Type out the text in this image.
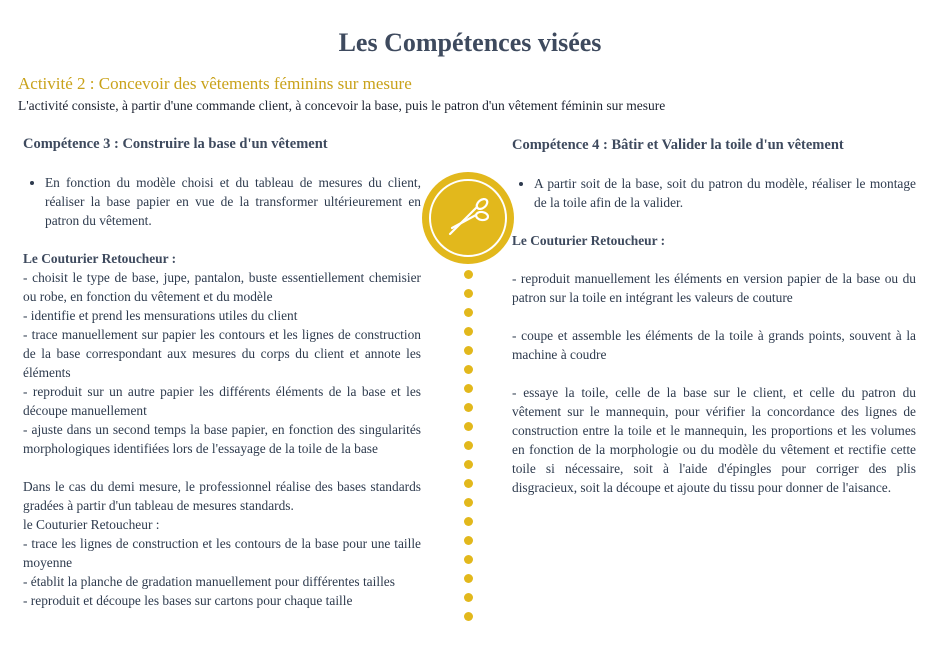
Les Compétences visées
Activité 2 : Concevoir des vêtements féminins sur mesure
L'activité consiste, à partir d'une commande client, à concevoir la base, puis le patron d'un vêtement féminin sur mesure
Compétence 3 : Construire la base d'un vêtement
• En fonction du modèle choisi et du tableau de mesures du client, réaliser la base papier en vue de la transformer ultérieurement en patron du vêtement.

Le Couturier Retoucheur :

- choisit le type de base, jupe, pantalon, buste essentiellement chemisier ou robe, en fonction du vêtement et du modèle

- identifie et prend les mensurations utiles du client

- trace manuellement sur papier les contours et les lignes de construction de la base correspondant aux mesures du corps du client et annote les éléments

- reproduit sur un autre papier les différents éléments de la base et les découpe manuellement

- ajuste dans un second temps la base papier, en fonction des singularités morphologiques identifiées lors de l'essayage de la toile de la base

Dans le cas du demi mesure, le professionnel réalise des bases standards gradées à partir d'un tableau de mesures standards.

le Couturier Retoucheur :

- trace les lignes de construction et les contours de la base pour une taille moyenne

- établit la planche de gradation manuellement pour différentes tailles

- reproduit et découpe les bases sur cartons pour chaque taille

Compétence 4 : Bâtir et Valider la toile d'un vêtement
• A partir soit de la base, soit du patron du modèle, réaliser le montage de la toile afin de la valider.

Le Couturier Retoucheur :

- reproduit manuellement les éléments en version papier de la base ou du patron sur la toile en intégrant les valeurs de couture

- coupe et assemble les éléments de la toile à grands points, souvent à la machine à coudre

- essaye la toile, celle de la base sur le client, et celle du patron du vêtement sur le mannequin, pour vérifier la concordance des lignes de construction entre la toile et le mannequin, les proportions et les volumes en fonction de la morphologie ou du modèle du vêtement et rectifie cette toile si nécessaire, soit à l'aide d'épingles pour corriger des plis disgracieux, soit la découpe et ajoute du tissu pour donner de l'aisance.
